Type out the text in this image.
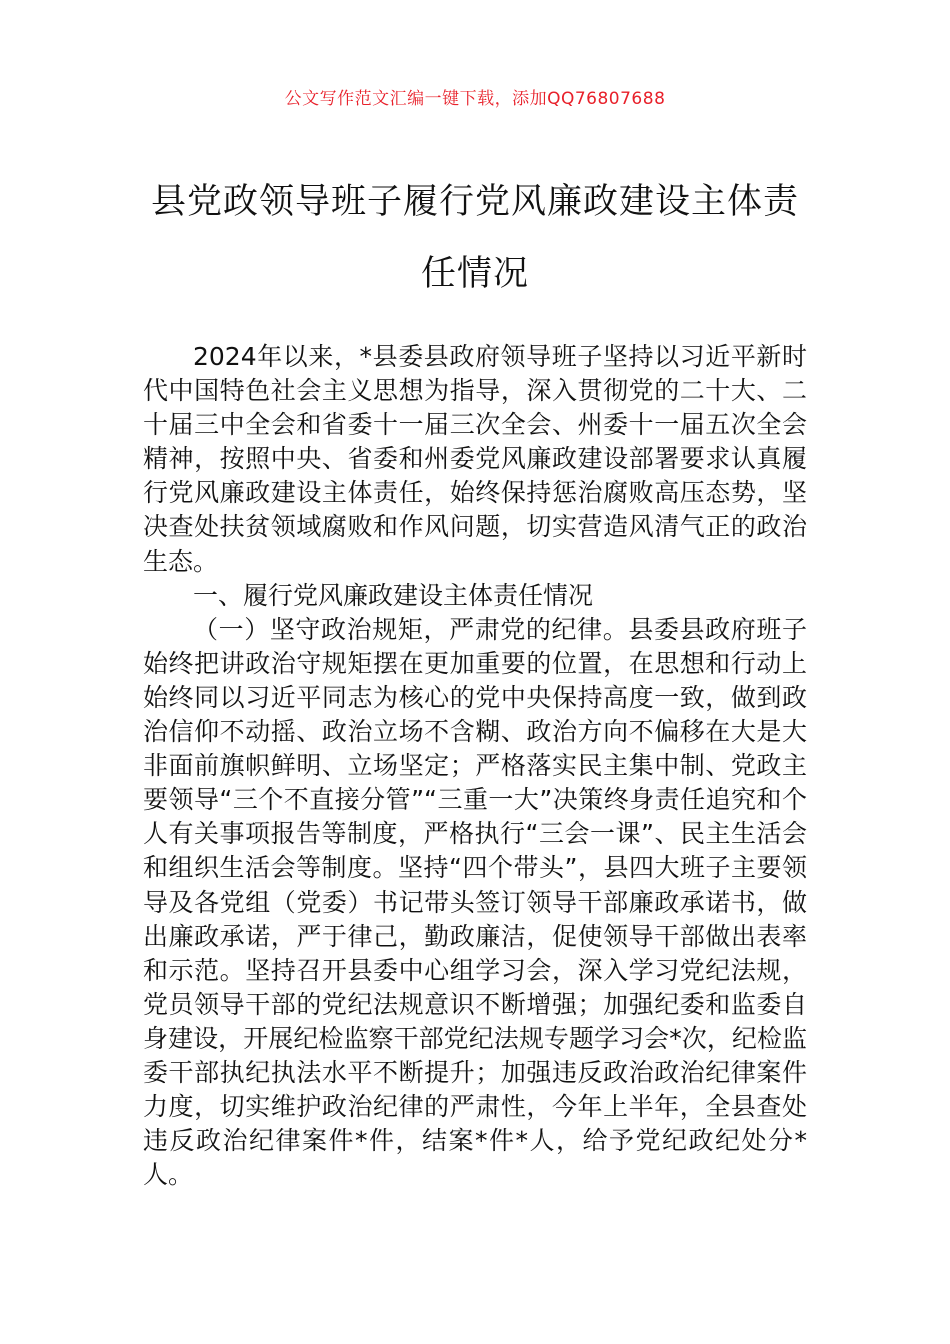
公文写作范文汇编一键下载，添加QQ76807688
县党政领导班子履行党风廉政建设主体责任情况

2024年以来，*县委县政府领导班子坚持以习近平新时代中国特色社会主义思想为指导，深入贯彻党的二十大、二十届三中全会和省委十一届三次全会、州委十一届五次全会精神，按照中央、省委和州委党风廉政建设部署要求认真履行党风廉政建设主体责任，始终保持惩治腐败高压态势，坚决查处扶贫领域腐败和作风问题，切实营造风清气正的政治生态。

一、履行党风廉政建设主体责任情况

（一）坚守政治规矩，严肃党的纪律。县委县政府班子始终把讲政治守规矩摆在更加重要的位置，在思想和行动上始终同以习近平同志为核心的党中央保持高度一致，做到政治信仰不动摇、政治立场不含糊、政治方向不偏移在大是大非面前旗帜鲜明、立场坚定；严格落实民主集中制、党政主要领导“三个不直接分管”“三重一大”决策终身责任追究和个人有关事项报告等制度，严格执行“三会一课”、民主生活会和组织生活会等制度。坚持“四个带头”，县四大班子主要领导及各党组（党委）书记带头签订领导干部廉政承诺书，做出廉政承诺，严于律己，勤政廉洁，促使领导干部做出表率和示范。坚持召开县委中心组学习会，深入学习党纪法规，党员领导干部的党纪法规意识不断增强；加强纪委和监委自身建设，开展纪检监察干部党纪法规专题学习会*次，纪检监委干部执纪执法水平不断提升；加强违反政治政治纪律案件力度，切实维护政治纪律的严肃性，今年上半年，全县查处违反政治纪律案件*件，结案*件*人，给予党纪政纪处分*人。
